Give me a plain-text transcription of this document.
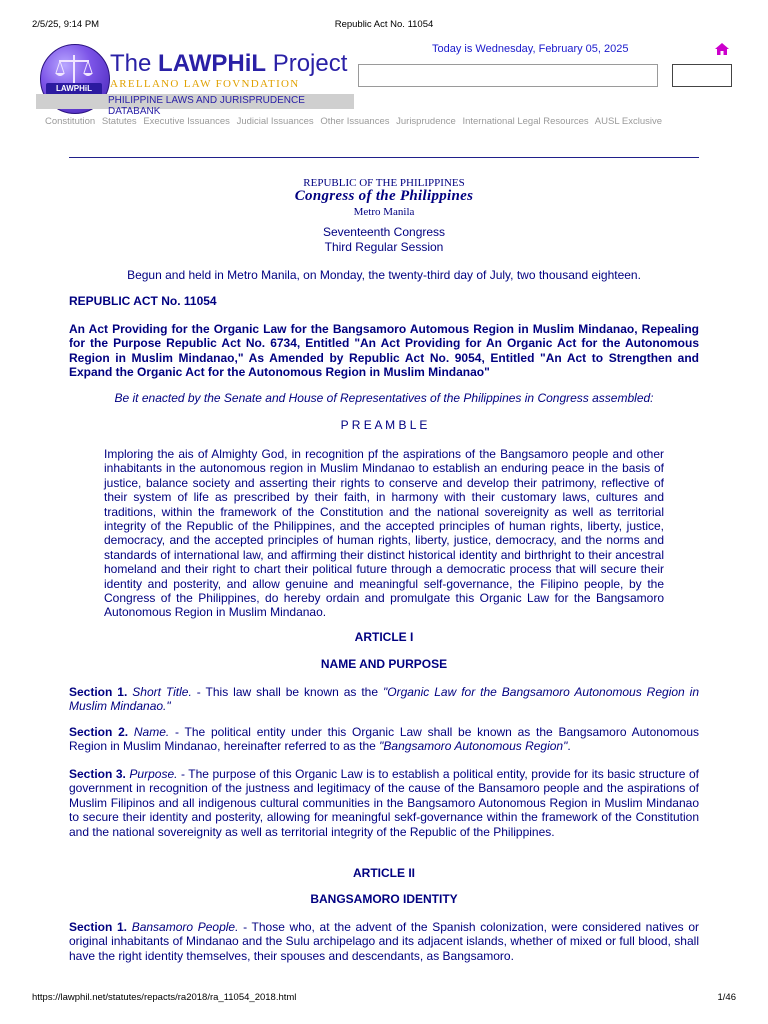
2/5/25, 9:14 PM	Republic Act No. 11054
LAWPHiL
The LAWPHiL Project
ARELLANO LAW FOVNDATION
PHILIPPINE LAWS AND JURISPRUDENCE DATABANK
Today is Wednesday, February 05, 2025
Constitution Statutes Executive Issuances Judicial Issuances Other Issuances Jurisprudence International Legal Resources AUSL Exclusive
REPUBLIC OF THE PHILIPPINES
Congress of the Philippines
Metro Manila
Seventeenth Congress
Third Regular Session
Begun and held in Metro Manila, on Monday, the twenty-third day of July, two thousand eighteen.
REPUBLIC ACT No. 11054
An Act Providing for the Organic Law for the Bangsamoro Automous Region in Muslim Mindanao, Repealing for the Purpose Republic Act No. 6734, Entitled "An Act Providing for An Organic Act for the Autonomous Region in Muslim Mindanao," As Amended by Republic Act No. 9054, Entitled "An Act to Strengthen and Expand the Organic Act for the Autonomous Region in Muslim Mindanao"
Be it enacted by the Senate and House of Representatives of the Philippines in Congress assembled:
P R E A M B L E
Imploring the ais of Almighty God, in recognition pf the aspirations of the Bangsamoro people and other inhabitants in the autonomous region in Muslim Mindanao to establish an enduring peace in the basis of justice, balance society and asserting their rights to conserve and develop their patrimony, reflective of their system of life as prescribed by their faith, in harmony with their customary laws, cultures and traditions, within the framework of the Constitution and the national sovereignity as well as territorial integrity of the Republic of the Philippines, and the accepted principles of human rights, liberty, justice, democracy, and the accepted principles of human rights, liberty, justice, democracy, and the norms and standards of international law, and affirming their distinct historical identity and birthright to their ancestral homeland and their right to chart their political future through a democratic process that will secure their identity and posterity, and allow genuine and meaningful self-governance, the Filipino people, by the Congress of the Philippines, do hereby ordain and promulgate this Organic Law for the Bangsamoro Autonomous Region in Muslim Mindanao.
ARTICLE I
NAME AND PURPOSE
Section 1. Short Title. - This law shall be known as the "Organic Law for the Bangsamoro Autonomous Region in Muslim Mindanao."
Section 2. Name. - The political entity under this Organic Law shall be known as the Bangsamoro Autonomous Region in Muslim Mindanao, hereinafter referred to as the "Bangsamoro Autonomous Region".
Section 3. Purpose. - The purpose of this Organic Law is to establish a political entity, provide for its basic structure of government in recognition of the justness and legitimacy of the cause of the Bansamoro people and the aspirations of Muslim Filipinos and all indigenous cultural communities in the Bangsamoro Autonomous Region in Muslim Mindanao to secure their identity and posterity, allowing for meaningful sekf-governance within the framework of the Constitution and the national sovereignity as well as territorial integrity of the Republic of the Philippines.
ARTICLE II
BANGSAMORO IDENTITY
Section 1. Bansamoro People. - Those who, at the advent of the Spanish colonization, were considered natives or original inhabitants of Mindanao and the Sulu archipelago and its adjacent islands, whether of mixed or full blood, shall have the right identity themselves, their spouses and descendants, as Bangsamoro.
https://lawphil.net/statutes/repacts/ra2018/ra_11054_2018.html	1/46
